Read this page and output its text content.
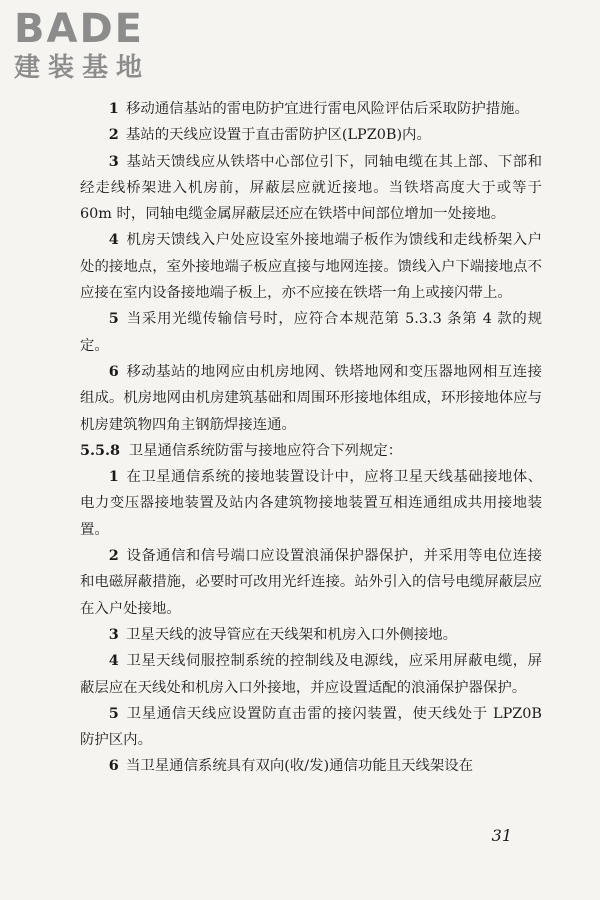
BADE
建装基地

1 移动通信基站的雷电防护宜进行雷电风险评估后采取防护措施。

2 基站的天线应设置于直击雷防护区(LPZ0B)内。

3 基站天馈线应从铁塔中心部位引下，同轴电缆在其上部、下部和经走线桥架进入机房前，屏蔽层应就近接地。当铁塔高度大于或等于 60m 时，同轴电缆金属屏蔽层还应在铁塔中间部位增加一处接地。

4 机房天馈线入户处应设室外接地端子板作为馈线和走线桥架入户处的接地点，室外接地端子板应直接与地网连接。馈线入户下端接地点不应接在室内设备接地端子板上，亦不应接在铁塔一角上或接闪带上。

5 当采用光缆传输信号时，应符合本规范第 5.3.3 条第 4 款的规定。

6 移动基站的地网应由机房地网、铁塔地网和变压器地网相互连接组成。机房地网由机房建筑基础和周围环形接地体组成，环形接地体应与机房建筑物四角主钢筋焊接连通。

5.5.8 卫星通信系统防雷与接地应符合下列规定：

1 在卫星通信系统的接地装置设计中，应将卫星天线基础接地体、电力变压器接地装置及站内各建筑物接地装置互相连通组成共用接地装置。

2 设备通信和信号端口应设置浪涌保护器保护，并采用等电位连接和电磁屏蔽措施，必要时可改用光纤连接。站外引入的信号电缆屏蔽层应在入户处接地。

3 卫星天线的波导管应在天线架和机房入口外侧接地。

4 卫星天线伺服控制系统的控制线及电源线，应采用屏蔽电缆，屏蔽层应在天线处和机房入口外接地，并应设置适配的浪涌保护器保护。

5 卫星通信天线应设置防直击雷的接闪装置，使天线处于 LPZ0B 防护区内。

6 当卫星通信系统具有双向(收/发)通信功能且天线架设在

31
